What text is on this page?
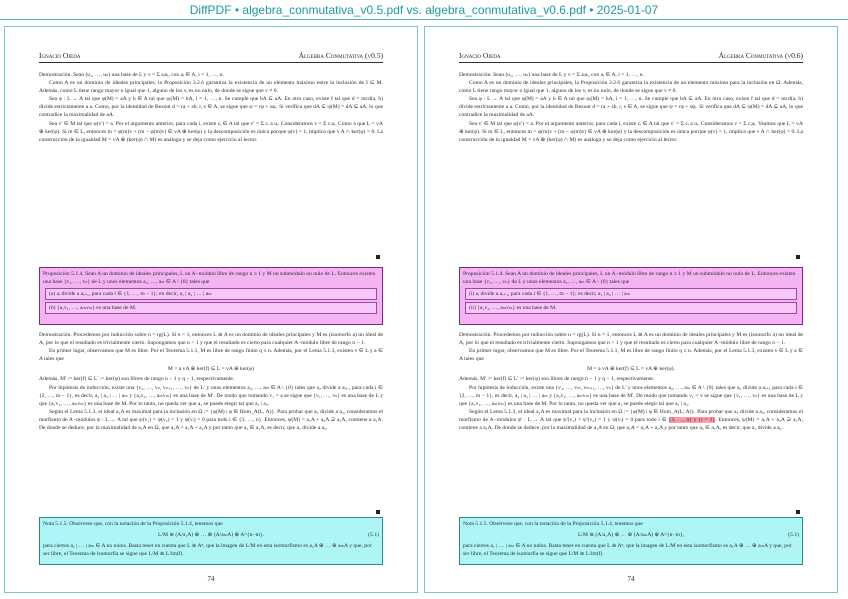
DiffPDF • algebra_conmutativa_v0.5.pdf vs. algebra_conmutativa_v0.6.pdf • 2025-01-07
Ignacio Ojeda	Álgebra Conmutativa (v0.5)

Demostración. Sean (u₁, …, uₙ) una base de L y v = Σ aᵢuᵢ, con aᵢ ∈ A, i = 1, …, n.

Como A es un dominio de ideales principales, la Proposición 3.2.6 garantiza la existencia de un elemento máximo entre la inclusión de I ⊆ M. Además, como L tiene rango mayor o igual que 1, alguno de los vᵢ es no nulo, de donde se sigue que v ≠ 0.

Sea φ : L → A tal que φ(M) = aA y b ∈ A tal que φᵢ(M) = bA, i = 1, …, n. Se cumple que bA ⊆ aA. En otro caso, existe f tal que d = mcd(a, b) divide estrictamente a a. Como, por la identidad de Bezout d = ra + sb, r, s ∈ A, se sigue que ψ = rφ + sφᵢ. Si verifica que dA ⊆ ψ(M) = dA ⊊ aA, lo que contradice la maximalidad de aA.

Sea v' ∈ M tal que φ(v') = a. Por el argumento anterior, para cada i, existe cᵢ ∈ A tal que v' = Σ cᵢ a uᵢ. Consideramos v = Σ cᵢuᵢ. Como a que L = vA ⊕ ker(φ). Si m ∈ L, entonces m = φ(m)v + (m − φ(m)v) ∈ vA ⊕ ker(φ) y la descomposición es única porque φ(v) = 1, implica que v A ∩ ker(φ) = 0. La construcción de la igualdad M = vA ⊕ (ker(φ) ∩ M) es análoga y se deja como ejercicio al lector.

Proposición 5.1.4. Sean A un dominio de ideales principales, L un A−módulo libre de rango n ≥ 1 y M un submódulo no nulo de L. Entonces existen una base {v₁, …, vₙ} de L y unos elementos a₁, …, aₘ ∈ A \ {0} tales que
(a) aᵢ divide a aᵢ₊₁, para cada i ∈ {1, …, m − 1}; en decir, a₁ | a₂ | … | aₘ
(b) {a₁v₁, …, aₘvₘ} es una base de M.

Demostración. Procedemos por inducción sobre n = rg(L). Si n = 1, entonces L ≅ A es un dominio de ideales principales y M es (isomorfo a) un ideal de A, por lo que el resultado es trivialmente cierto. Supongamos que n > 1 y que el resultado es cierto para cualquier A−módulo libre de rango n − 1.

En primer lugar, observamos que M es libre. Por el Teorema 5.1.1, M es libre de rango finito q ≤ n. Además, por el Lema 5.1.3, existen v ∈ L y a ∈ A tales que

M = a vA ⊕ ker(f) ⊆ L = vA ⊕ ker(φ)

Además, M' := ker(f) ⊆ L' := ker(φ) son libres de rango n − 1 y q − 1, respectivamente.

Por hipótesis de inducción, existe una {v₂, …, vₙ, vₙ₊₁, …, vₙ} de L' y unos elementos a₂, …, aₘ ∈ A \ {0} tales que a₂ divide a aᵢ₊₁ para cada i ∈ {2, …, m − 1}, es decir, a₂ | a₃ | … | aₘ y {a₂v₂, …, aₘvₘ} es una base de M'. De modo que tomando v₁ = a se sigue que {v₁, …, vₙ} es una base de L y que {a₁v₁, …, aₘvₘ} es una base de M. Por lo tanto, no queda ver que a₁ se puede elegir tal que a₁ | a₂.

Según el Lema 5.1.3, el ideal a₁A es maximal para la inclusión en Ω := {φ(M) | φ ∈ Hom_A(L, A)}. Para probar que a₁ divide a a₂, consideramos el morfismo de A−módulos ψ : L → A tal que ψ(v₁) = ψ(v₂) = 1 y ψ(vᵢ) = 0 para todo i ∈ {3, …, n}. Entonces, ψ(M) = a₁A + a₂A ⊇ a₁A, contiene a a₁A. De donde se deduce, por la maximalidad de a₁A en Ω, que a₁A = a₁A + a₂A y por tanto que a₂ ∈ a₁A, es decir, que a₁ divide a a₂.

Nota 5.1.5. Obsérvese que, con la notación de la Proposición 5.1.4, tenemos que
L/M ≅ (A/a₁A) ⊕ … ⊕ (A/aₘA) ⊕ A^{n−m}.	(5.1)
para ciertos a₁ | … | aₘ ∈ A no nulos. Basta tener en cuenta que L ≅ Aⁿ, que la imagen de L/M en esta isomorfismo es a₁A ⊕ … ⊕ aₘA y que, por ser libre, el Teorema de isomorfía se sigue que L/M ≅ L/im(f).
74
Ignacio Ojeda	Álgebra Conmutativa (v0.6)

Demostración. Sean (u₁, …, uₙ) una base de L y v = Σ aᵢuᵢ, con aᵢ ∈ A, i = 1, …, n.

Como A es un dominio de ideales principales, la Proposición 3.2.6 garantiza la existencia de un elemento máximo para la inclusión en Ω. Además, como L tiene rango mayor o igual que 1, alguno de los vᵢ es no nulo, de donde se sigue que v ≠ 0.

Sea φ : L → A tal que φ(M) = aA y b ∈ A tal que φᵢ(M) = bA, i = 1, …, n. Se cumple que bA ⊆ aA. En otro caso, existe f tal que d = mcd(a, b) divide estrictamente a a. Como, por la identidad de Bezout d = ra + sb, r, s ∈ A, se sigue que ψ = rφ + sφᵢ. Si verifica que dA ⊆ ψ(M) = dA ⊊ aA, lo que contradice la maximalidad de aA.

Sea v' ∈ M tal que φ(v') = a. Por el argumento anterior, para cada i, existe cᵢ ∈ A tal que v' = Σ cᵢ a uᵢ. Consideramos v = Σ cᵢuᵢ. Veamos que L = vA ⊕ ker(φ). Si m ∈ L, entonces m = φ(m)v + (m − φ(m)v) ∈ vA ⊕ ker(φ) y la descomposición es única porque φ(v) = 1, implica que v A ∩ ker(φ) = 0. La construcción de la igualdad M = vA ⊕ (ker(φ) ∩ M) es análoga y se deja como ejercicio al lector.

Proposición 5.1.4. Sean A un dominio de ideales principales, L un A−módulo libre de rango n ≥ 1 y M un submódulo no nulo de L. Entonces existen una base {v₁, …, vₙ} de L y unos elementos a₁, …, aₘ ∈ A \ {0} tales que
(i) aᵢ divide a aᵢ₊₁, para cada i ∈ {1, …, m − 1}; es decir, a₁ | a₂ | … | aₘ
(ii) {a₁v₁, …, aₘvₘ} es una base de M.

Demostración. Procedemos por inducción sobre n = rg(L). Si n = 1, entonces L ≅ A es un dominio de ideales principales y M es (isomorfo a) un ideal de A, por lo que el resultado es trivialmente cierto. Supongamos que n > 1 y que el resultado es cierto para cualquier A−módulo libre de rango n − 1.

En primer lugar, observamos que M es libre. Por el Teorema 5.1.1, M es libre de rango finito q ≤ n. Además, por el Lema 5.1.3, existen v ∈ L y a ∈ A tales que

M = a vA ⊕ ker(f) ⊆ L = vA ⊕ ker(φ).

Además, M' := ker(f) ⊆ L' := ker(φ) son libres de rango n − 1 y q − 1, respectivamente.

Por hipótesis de inducción, existe una {v₂, …, vₘ, vₘ₊₁, …, vₙ} de L' y unos elementos a₂, …, aₘ ∈ A \ {0} tales que a₂ divide a aᵢ₊₁ para cada i ∈ {2, …, m − 1}, es decir, a₂ | a₃ | … | aₘ y {a₂v₂, …, aₘvₘ} es una base de M'. De modo que tomando v₁ = v se sigue que {v₁, …, vₙ} es una base de L y que {a₁v₁, …, aₘvₘ} es una base de M. Por lo tanto, no queda ver que a₁ se puede elegir tal que a₁ | a₂.

Según el Lema 5.1.3, el ideal a₁A es maximal para la inclusión en Ω := {φ(M) | φ ∈ Hom_A(L, A)}. Para probar que a₁ divide a a₂, consideramos el morfismo de A−módulos ψ' : L → A tal que ψ'(v₁) = ψ'(v₂) = 1 y ψ(vᵢ) = 0 para todo i ∈ {3, …, n} y {i = 1}. Entonces, ψ(M) = a₁A + a₂A ⊇ a₁A, contiene a a₁A. De donde se deduce, por la maximalidad de a₁A en Ω, que a₁A = a₁A + a₂A y por tanto que a₂ ∈ a₁A, es decir, que a₁ divide a a₂.

Nota 5.1.5. Obsérvese que, con la notación de la Proposición 5.1.4, tenemos que
L/M ≅ (A/a₁A) ⊕ … ⊕ (A/aₘA) ⊕ A^{n−m},	(5.1)
para ciertos a₁ | … | aₘ ∈ A no nulos. Basta tener en cuenta que L ≅ Aⁿ, que la imagen de L/M en esta isomorfismo es a₁A ⊕ … ⊕ aₘA y que, por ser libre, el Teorema de isomorfía se sigue que L/M ≅ L/im(f).
74
